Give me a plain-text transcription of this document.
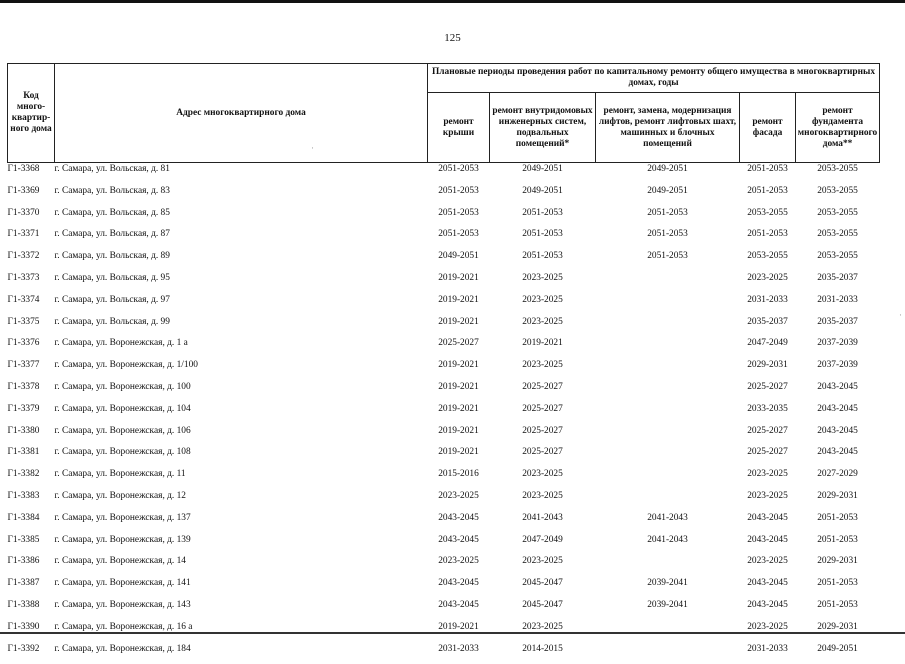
125
·
·
Код много-квартир-ного дома	Адрес многоквартирного дома	Плановые периоды проведения работ по капитальному ремонту общего имущества в многоквартирных домах, годы				
		ремонт крыши	ремонт внутридомовых инженерных систем, подвальных помещений*	ремонт, замена, модернизация лифтов, ремонт лифтовых шахт, машинных и блочных помещений	ремонт фасада	ремонт фундамента многоквартирного дома**
Г1-3368	г. Самара, ул. Вольская, д. 81	2051-2053	2049-2051	2049-2051	2051-2053	2053-2055
Г1-3369	г. Самара, ул. Вольская, д. 83	2051-2053	2049-2051	2049-2051	2051-2053	2053-2055
Г1-3370	г. Самара, ул. Вольская, д. 85	2051-2053	2051-2053	2051-2053	2053-2055	2053-2055
Г1-3371	г. Самара, ул. Вольская, д. 87	2051-2053	2051-2053	2051-2053	2051-2053	2053-2055
Г1-3372	г. Самара, ул. Вольская, д. 89	2049-2051	2051-2053	2051-2053	2053-2055	2053-2055
Г1-3373	г. Самара, ул. Вольская, д. 95	2019-2021	2023-2025		2023-2025	2035-2037
Г1-3374	г. Самара, ул. Вольская, д. 97	2019-2021	2023-2025		2031-2033	2031-2033
Г1-3375	г. Самара, ул. Вольская, д. 99	2019-2021	2023-2025		2035-2037	2035-2037
Г1-3376	г. Самара, ул. Воронежская, д. 1 а	2025-2027	2019-2021		2047-2049	2037-2039
Г1-3377	г. Самара, ул. Воронежская, д. 1/100	2019-2021	2023-2025		2029-2031	2037-2039
Г1-3378	г. Самара, ул. Воронежская, д. 100	2019-2021	2025-2027		2025-2027	2043-2045
Г1-3379	г. Самара, ул. Воронежская, д. 104	2019-2021	2025-2027		2033-2035	2043-2045
Г1-3380	г. Самара, ул. Воронежская, д. 106	2019-2021	2025-2027		2025-2027	2043-2045
Г1-3381	г. Самара, ул. Воронежская, д. 108	2019-2021	2025-2027		2025-2027	2043-2045
Г1-3382	г. Самара, ул. Воронежская, д. 11	2015-2016	2023-2025		2023-2025	2027-2029
Г1-3383	г. Самара, ул. Воронежская, д. 12	2023-2025	2023-2025		2023-2025	2029-2031
Г1-3384	г. Самара, ул. Воронежская, д. 137	2043-2045	2041-2043	2041-2043	2043-2045	2051-2053
Г1-3385	г. Самара, ул. Воронежская, д. 139	2043-2045	2047-2049	2041-2043	2043-2045	2051-2053
Г1-3386	г. Самара, ул. Воронежская, д. 14	2023-2025	2023-2025		2023-2025	2029-2031
Г1-3387	г. Самара, ул. Воронежская, д. 141	2043-2045	2045-2047	2039-2041	2043-2045	2051-2053
Г1-3388	г. Самара, ул. Воронежская, д. 143	2043-2045	2045-2047	2039-2041	2043-2045	2051-2053
Г1-3390	г. Самара, ул. Воронежская, д. 16 а	2019-2021	2023-2025		2023-2025	2029-2031
Г1-3392	г. Самара, ул. Воронежская, д. 184	2031-2033	2014-2015		2031-2033	2049-2051
